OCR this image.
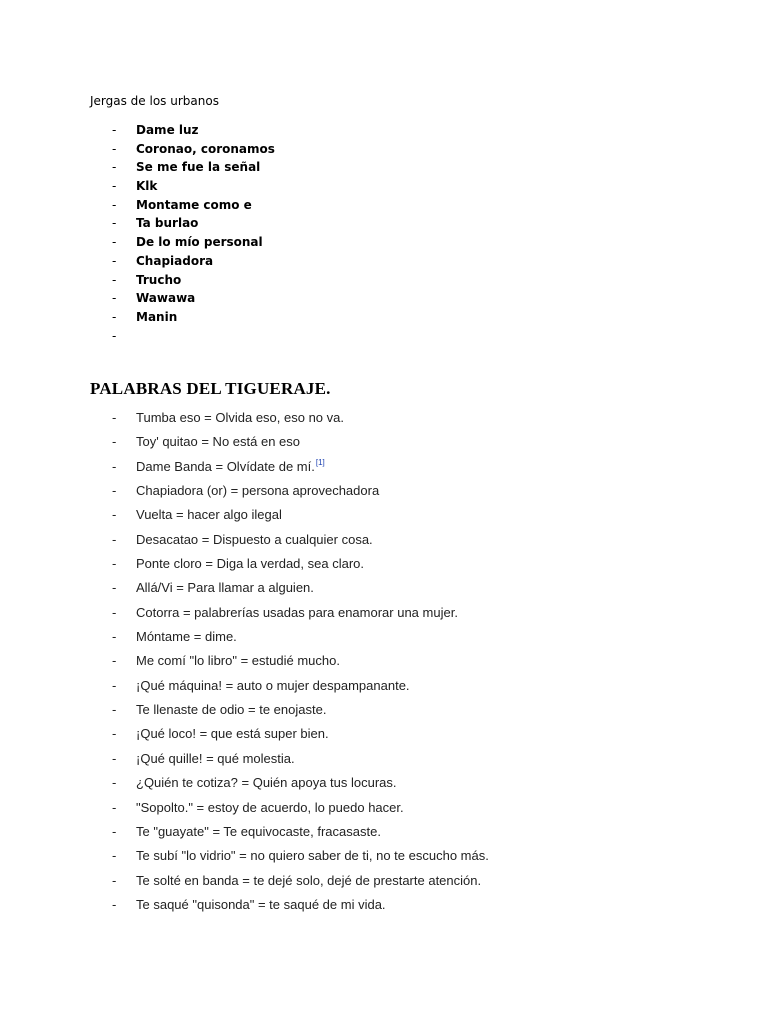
Jergas de los urbanos

- Dame luz
- Coronao, coronamos
- Se me fue la señal
- Klk
- Montame como e
- Ta burlao
- De lo mío personal
- Chapiadora
- Trucho
- Wawawa
- Manin
-
PALABRAS DEL TIGUERAJE.
- Tumba eso = Olvida eso, eso no va.
- Toy' quitao = No está en eso
- Dame Banda = Olvídate de mí.[1]
- Chapiadora (or) = persona aprovechadora
- Vuelta = hacer algo ilegal
- Desacatao = Dispuesto a cualquier cosa.
- Ponte cloro = Diga la verdad, sea claro.
- Allá/Vi = Para llamar a alguien.
- Cotorra = palabrerías usadas para enamorar una mujer.
- Móntame = dime.
- Me comí "lo libro" = estudié mucho.
- ¡Qué máquina! = auto o mujer despampanante.
- Te llenaste de odio = te enojaste.
- ¡Qué loco! = que está super bien.
- ¡Qué quille! = qué molestia.
- ¿Quién te cotiza? = Quién apoya tus locuras.
- "Sopolto." = estoy de acuerdo, lo puedo hacer.
- Te "guayate" = Te equivocaste, fracasaste.
- Te subí "lo vidrio" = no quiero saber de ti, no te escucho más.
- Te solté en banda = te dejé solo, dejé de prestarte atención.
- Te saqué "quisonda" = te saqué de mi vida.
